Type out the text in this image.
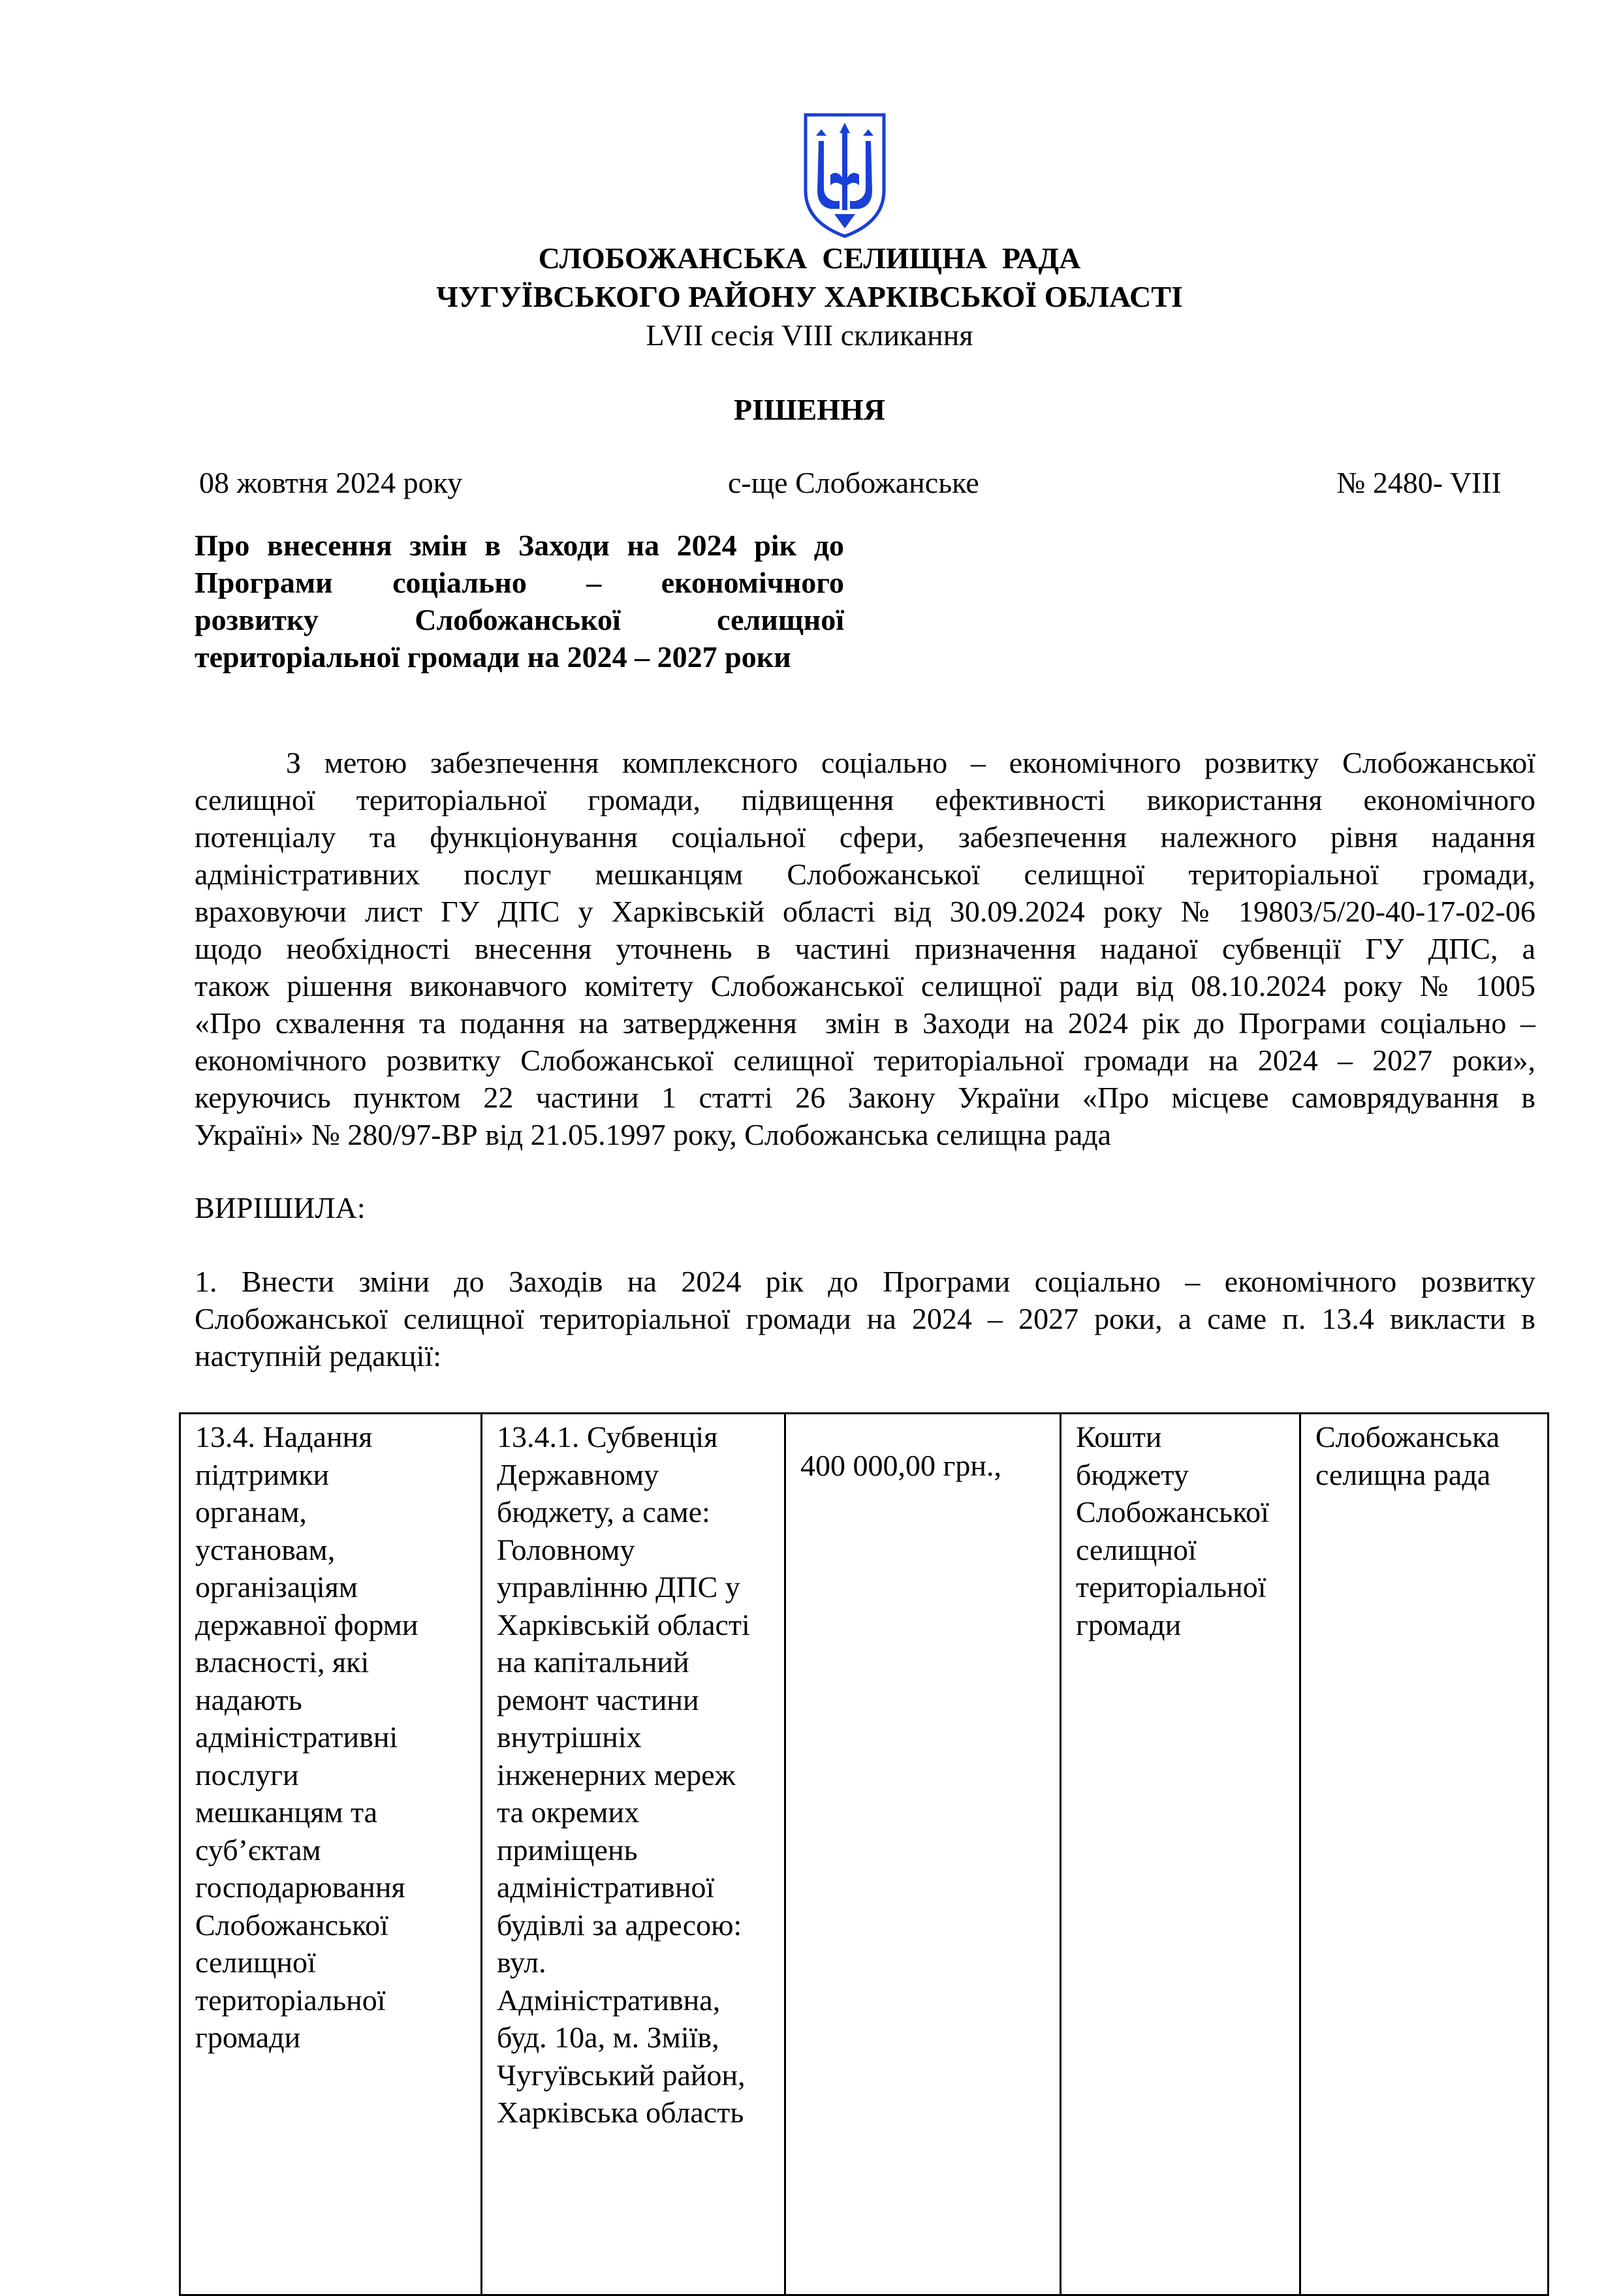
СЛОБОЖАНСЬКА  СЕЛИЩНА  РАДА
ЧУГУЇВСЬКОГО РАЙОНУ ХАРКІВСЬКОЇ ОБЛАСТІ
LVII сесія VIII скликання
РІШЕННЯ
08 жовтня 2024 року	с-ще Слобожанське	№ 2480- VIII
Про внесення змін в Заходи на 2024 рік до
Програми соціально – економічного
розвитку Слобожанської селищної
територіальної громади на 2024 – 2027 роки
З метою забезпечення комплексного соціально – економічного розвитку Слобожанської
селищної територіальної громади, підвищення ефективності використання економічного
потенціалу та функціонування соціальної сфери, забезпечення належного рівня надання
адміністративних послуг мешканцям Слобожанської селищної територіальної громади,
враховуючи лист ГУ ДПС у Харківській області від 30.09.2024 року № 19803/5/20-40-17-02-06
щодо необхідності внесення уточнень в частині призначення наданої субвенції ГУ ДПС, а
також рішення виконавчого комітету Слобожанської селищної ради від 08.10.2024 року № 1005
«Про схвалення та подання на затвердження  змін в Заходи на 2024 рік до Програми соціально –
економічного розвитку Слобожанської селищної територіальної громади на 2024 – 2027 роки»,
керуючись пунктом 22 частини 1 статті 26 Закону України «Про місцеве самоврядування в
Україні» № 280/97-ВР від 21.05.1997 року, Слобожанська селищна рада
ВИРІШИЛА:
1. Внести зміни до Заходів на 2024 рік до Програми соціально – економічного розвитку
Слобожанської селищної територіальної громади на 2024 – 2027 роки, а саме п. 13.4 викласти в
наступній редакції:
13.4. Надання
підтримки
органам,
установам,
організаціям
державної форми
власності, які
надають
адміністративні
послуги
мешканцям та
суб’єктам
господарювання
Слобожанської
селищної
територіальної
громади

13.4.1. Субвенція
Державному
бюджету, а саме:
Головному
управлінню ДПС у
Харківській області
на капітальний
ремонт частини
внутрішніх
інженерних мереж
та окремих
приміщень
адміністративної
будівлі за адресою:
вул.
Адміністративна,
буд. 10а, м. Зміїв,
Чугуївський район,
Харківська область

400 000,00 грн.,

Кошти
бюджету
Слобожанської
селищної
територіальної
громади

Слобожанська
селищна рада
